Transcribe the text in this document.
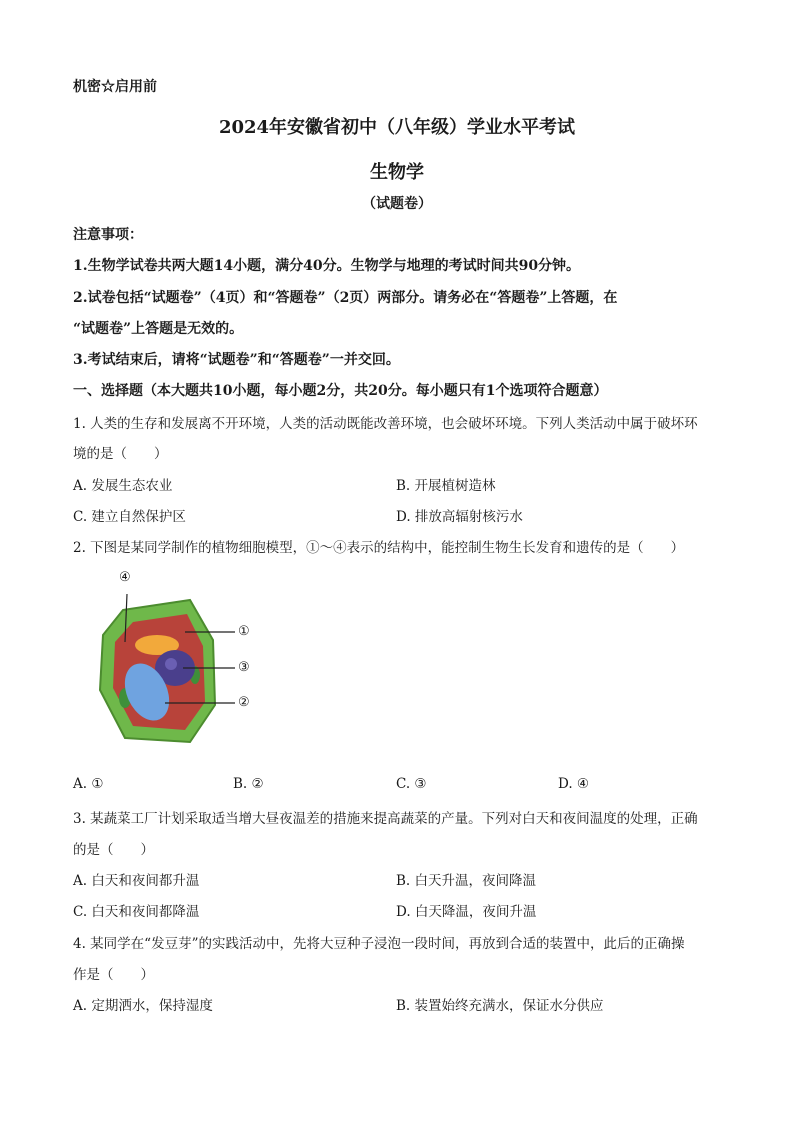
机密☆启用前
2024年安徽省初中（八年级）学业水平考试
生物学
（试题卷）
注意事项：
1.生物学试卷共两大题14小题，满分40分。生物学与地理的考试时间共90分钟。
2.试卷包括“试题卷”（4页）和“答题卷”（2页）两部分。请务必在“答题卷”上答题，在
“试题卷”上答题是无效的。
3.考试结束后，请将“试题卷”和“答题卷”一并交回。
一、选择题（本大题共10小题，每小题2分，共20分。每小题只有1个选项符合题意）
1. 人类的生存和发展离不开环境，人类的活动既能改善环境，也会破坏环境。下列人类活动中属于破坏环
境的是（　　）
A. 发展生态农业	B. 开展植树造林
C. 建立自然保护区	D. 排放高辐射核污水
2. 下图是某同学制作的植物细胞模型，①～④表示的结构中，能控制生物生长发育和遗传的是（　　）
④
①
③
②
A. ①	B. ②	C. ③	D. ④
3. 某蔬菜工厂计划采取适当增大昼夜温差的措施来提高蔬菜的产量。下列对白天和夜间温度的处理，正确
的是（　　）
A. 白天和夜间都升温	B. 白天升温，夜间降温
C. 白天和夜间都降温	D. 白天降温，夜间升温
4. 某同学在“发豆芽”的实践活动中，先将大豆种子浸泡一段时间，再放到合适的装置中，此后的正确操
作是（　　）
A. 定期洒水，保持湿度	B. 装置始终充满水，保证水分供应
